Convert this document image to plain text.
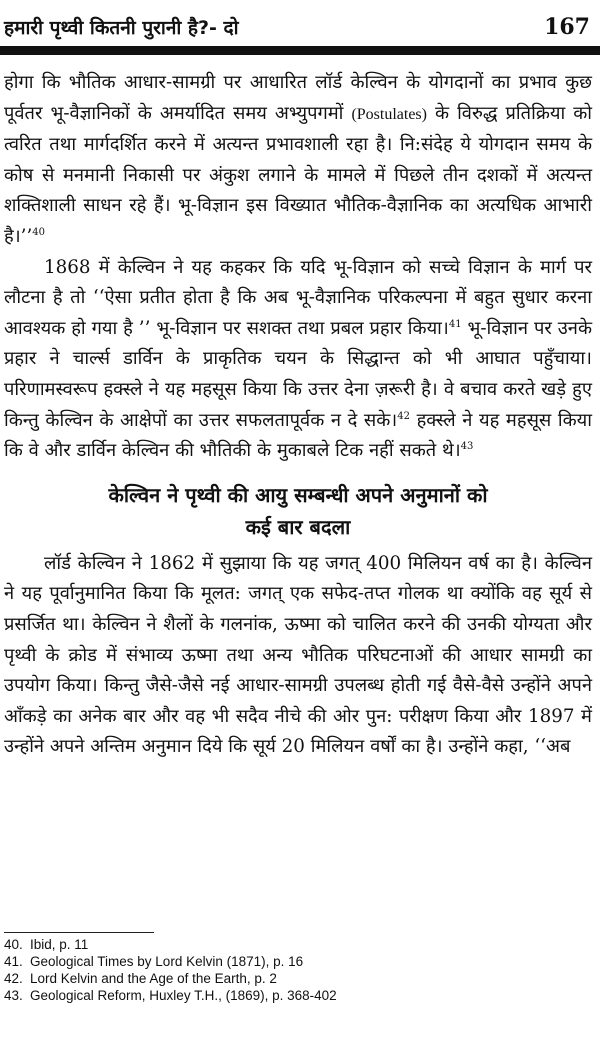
हमारी पृथ्वी कितनी पुरानी है?- दो	167

होगा कि भौतिक आधार-सामग्री पर आधारित लॉर्ड केल्विन के योगदानों का प्रभाव कुछ पूर्वतर भू-वैज्ञानिकों के अमर्यादित समय अभ्युपगमों (Postulates) के विरुद्ध प्रतिक्रिया को त्वरित तथा मार्गदर्शित करने में अत्यन्त प्रभावशाली रहा है। नि:संदेह ये योगदान समय के कोष से मनमानी निकासी पर अंकुश लगाने के मामले में पिछले तीन दशकों में अत्यन्त शक्तिशाली साधन रहे हैं। भू-विज्ञान इस विख्यात भौतिक-वैज्ञानिक का अत्यधिक आभारी है।’’$^{40}$

1868 में केल्विन ने यह कहकर कि यदि भू-विज्ञान को सच्चे विज्ञान के मार्ग पर लौटना है तो ‘‘ऐसा प्रतीत होता है कि अब भू-वैज्ञानिक परिकल्पना में बहुत सुधार करना आवश्यक हो गया है ’’ भू-विज्ञान पर सशक्त तथा प्रबल प्रहार किया।$^{41}$ भू-विज्ञान पर उनके प्रहार ने चार्ल्स डार्विन के प्राकृतिक चयन के सिद्धान्त को भी आघात पहुँचाया। परिणामस्वरूप हक्स्ले ने यह महसूस किया कि उत्तर देना ज़रूरी है। वे बचाव करते खड़े हुए किन्तु केल्विन के आक्षेपों का उत्तर सफलतापूर्वक न दे सके।$^{42}$ हक्स्ले ने यह महसूस किया कि वे और डार्विन केल्विन की भौतिकी के मुकाबले टिक नहीं सकते थे।$^{43}$

केल्विन ने पृथ्वी की आयु सम्बन्धी अपने अनुमानों को
कई बार बदला

लॉर्ड केल्विन ने 1862 में सुझाया कि यह जगत् 400 मिलियन वर्ष का है। केल्विन ने यह पूर्वानुमानित किया कि मूलत: जगत् एक सफेद-तप्त गोलक था क्योंकि वह सूर्य से प्रसर्जित था। केल्विन ने शैलों के गलनांक, ऊष्मा को चालित करने की उनकी योग्यता और पृथ्वी के क्रोड में संभाव्य ऊष्मा तथा अन्य भौतिक परिघटनाओं की आधार सामग्री का उपयोग किया। किन्तु जैसे-जैसे नई आधार-सामग्री उपलब्ध होती गई वैसे-वैसे उन्होंने अपने आँकड़े का अनेक बार और वह भी सदैव नीचे की ओर पुन: परीक्षण किया और 1897 में उन्होंने अपने अन्तिम अनुमान दिये कि सूर्य 20 मिलियन वर्षों का है। उन्होंने कहा, ‘‘अब

40. Ibid, p. 11
41. Geological Times by Lord Kelvin (1871), p. 16
42. Lord Kelvin and the Age of the Earth, p. 2
43. Geological Reform, Huxley T.H., (1869), p. 368-402
